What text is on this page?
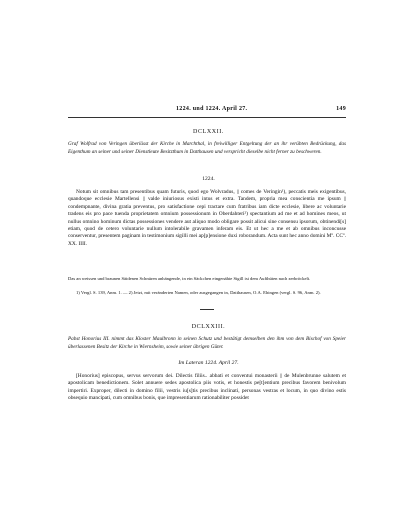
1224. und 1224. April 27.	149
DCLXXII.
Graf Wolfrad von Veringen überlässt der Kirche in Marchthal, in freiwilliger Entgeltung der an ihr verübten Bedrückung, das Eigenthum an seiner und seiner Dienstleute Besitzthum in Datthausen und verspricht dieselbe nicht ferner zu beschweren.
1224.
Notum sit omnibus tam presentibus quam futuris, quod ego Wolvradus, || comes de Veringin¹), peccatis meis exigentibus, quandoque ecclesie Martellensi || valde iniuriosus existi intus et extra. Tandem, propria mea conscientia me ipsum || condempnante, divina gratia preventus, pro satisfactione cepi tractare cum fratribus iam dicte ecclesie, libere ac voluntarie tradens eis pro pace tuenda proprietatem omnium possessionum in Oberdahteri²) spectantium ad me et ad homines meos, ut nullus omnino hominum dictas possessiones vendere aut aliquo modo obligare possit alicui sine consensu ipsorum, obtinendi[s] etiam, quod de cetero voluntarie nullum intolerabile gravamen inferam eis. Et ut hec a me et ab omnibus inconcusse conserventur, presentem paginam in testimonium sigilli mei ap[p]ensione duxi roborandum. Acta sunt hec anno domini Mº. CCº. XX. IIII.
Das an weissen und braunen Säidenen Schnüren anhängende, in ein Säckchen eingenähte Sigill ist dem Aufthüten nach zerbröckelt.
1) Vergl. S. 139, Anm. 1. — 2) Jetzt, mit veränderten Namen, oder ausgegangen in, Datthausen, O.A. Ehingen (vergl. S. 96, Anm. 2).
DCLXXIII.
Pabst Honorius III. nimmt das Kloster Maulbronn in seinen Schutz und bestätigt demselben den ihm von dem Bischof von Speier überlassenen Besitz der Kirche in Wiernsheim, sowie seiner übrigen Güter.
Im Lateran 1224. April 27.
[Honorius] episcopus, servus servorum dei. Dilectis filiis.. abbati et conventui monasterii || de Mulenbrunne salutem et apostolicam benedictionem. Solet annuere sedes apostolica piis votis, et honestis pe[t]entium precibus favorem benivolum impertiri. Exproper, dilecti in domino filii, vestris iu[s]tis precibus inclinati, personas vestras et locum, in quo divino estis obsequio mancipati, cum omnibus bonis, que impresentiarum rationabiliter possidet
